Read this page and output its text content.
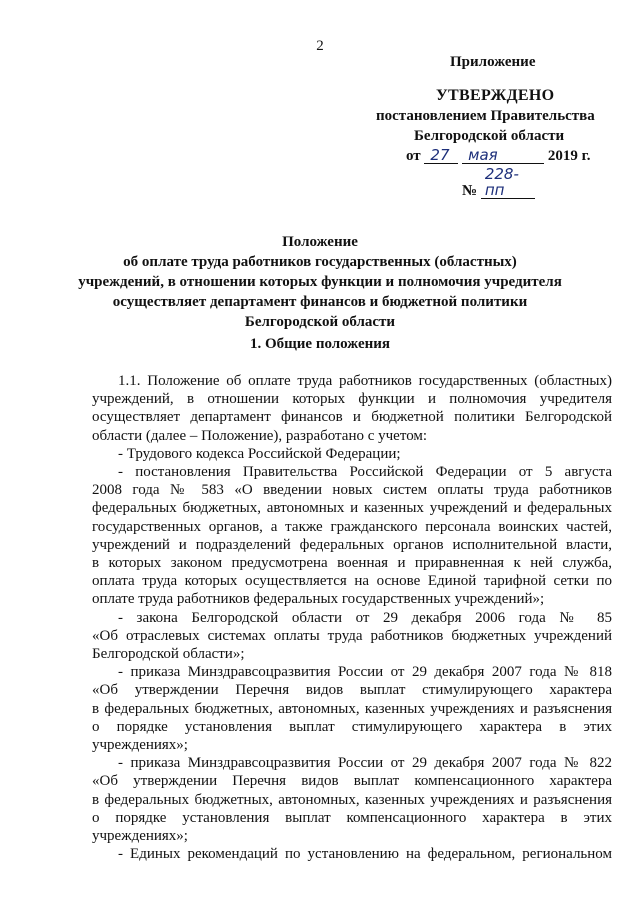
2
Приложение
УТВЕРЖДЕНО
постановлением Правительства
Белгородской области
от 27 мая	2019 г.
№ 228-пп
Положение
об оплате труда работников государственных (областных)
учреждений, в отношении которых функции и полномочия учредителя
осуществляет департамент финансов и бюджетной политики
Белгородской области
1. Общие положения
1.1. Положение об оплате труда работников государственных (областных)
учреждений, в отношении которых функции и полномочия учредителя
осуществляет департамент финансов и бюджетной политики Белгородской
области (далее – Положение), разработано с учетом:
- Трудового кодекса Российской Федерации;
- постановления Правительства Российской Федерации от 5 августа
2008 года № 583 «О введении новых систем оплаты труда работников
федеральных бюджетных, автономных и казенных учреждений и федеральных
государственных органов, а также гражданского персонала воинских частей,
учреждений и подразделений федеральных органов исполнительной власти,
в которых законом предусмотрена военная и приравненная к ней служба,
оплата труда которых осуществляется на основе Единой тарифной сетки по
оплате труда работников федеральных государственных учреждений»;
- закона Белгородской области от 29 декабря 2006 года № 85
«Об отраслевых системах оплаты труда работников бюджетных учреждений
Белгородской области»;
- приказа Минздравсоцразвития России от 29 декабря 2007 года № 818
«Об утверждении Перечня видов выплат стимулирующего характера
в федеральных бюджетных, автономных, казенных учреждениях и разъяснения
о порядке установления выплат стимулирующего характера в этих
учреждениях»;
- приказа Минздравсоцразвития России от 29 декабря 2007 года № 822
«Об утверждении Перечня видов выплат компенсационного характера
в федеральных бюджетных, автономных, казенных учреждениях и разъяснения
о порядке установления выплат компенсационного характера в этих
учреждениях»;
- Единых рекомендаций по установлению на федеральном, региональном
